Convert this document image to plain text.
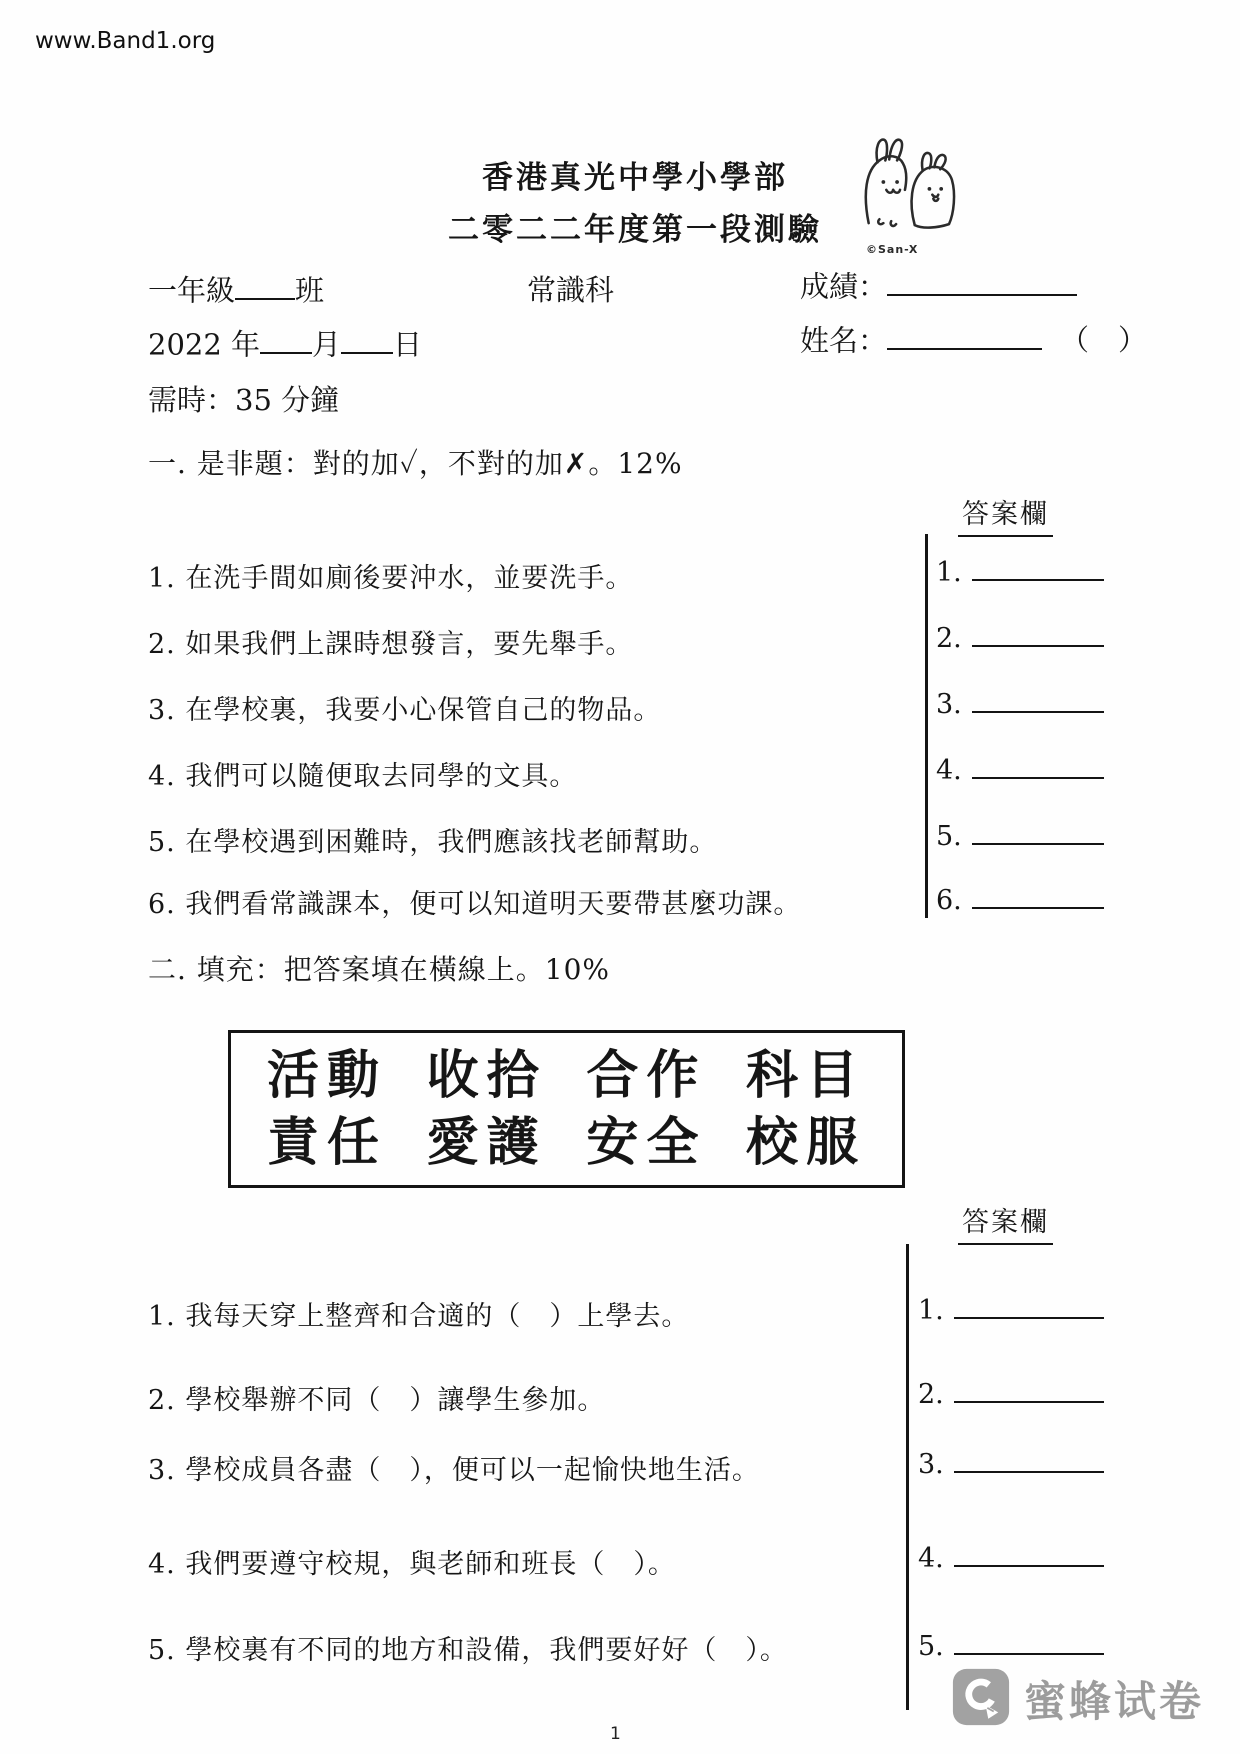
www.Band1.org
香港真光中學小學部
二零二二年度第一段測驗
©San-X
一年級 班	常識科	成績：
2022 年 月 日	姓名：	（　）
需時：35 分鐘
一. 是非題：對的加✓，不對的加✗。12%
答案欄
1. 在洗手間如廁後要沖水，並要洗手。
2. 如果我們上課時想發言，要先舉手。
3. 在學校裏，我要小心保管自己的物品。
4. 我們可以隨便取去同學的文具。
5. 在學校遇到困難時，我們應該找老師幫助。
6. 我們看常識課本，便可以知道明天要帶甚麼功課。
1.
2.
3.
4.
5.
6.
二. 填充：把答案填在橫線上。10%
活動 收拾 合作 科目
責任 愛護 安全 校服
答案欄
1. 我每天穿上整齊和合適的（　）上學去。
2. 學校舉辦不同（　）讓學生參加。
3. 學校成員各盡（　），便可以一起愉快地生活。
4. 我們要遵守校規，與老師和班長（　）。
5. 學校裏有不同的地方和設備，我們要好好（　）。
1.
2.
3.
4.
5.
蜜蜂试卷
1
